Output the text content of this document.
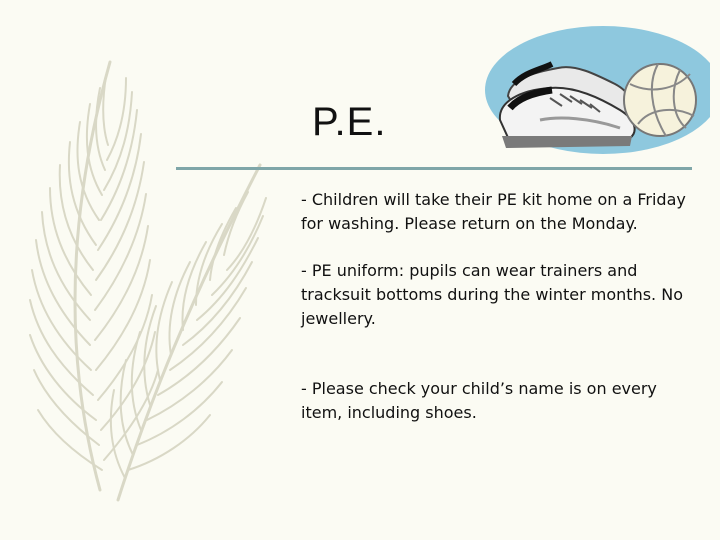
P.E.

- Children will take their PE kit home on a Friday for washing. Please return on the Monday.

- PE uniform: pupils can wear trainers and tracksuit bottoms during the winter months. No jewellery.

- Please check your child’s name is on every item, including shoes.
